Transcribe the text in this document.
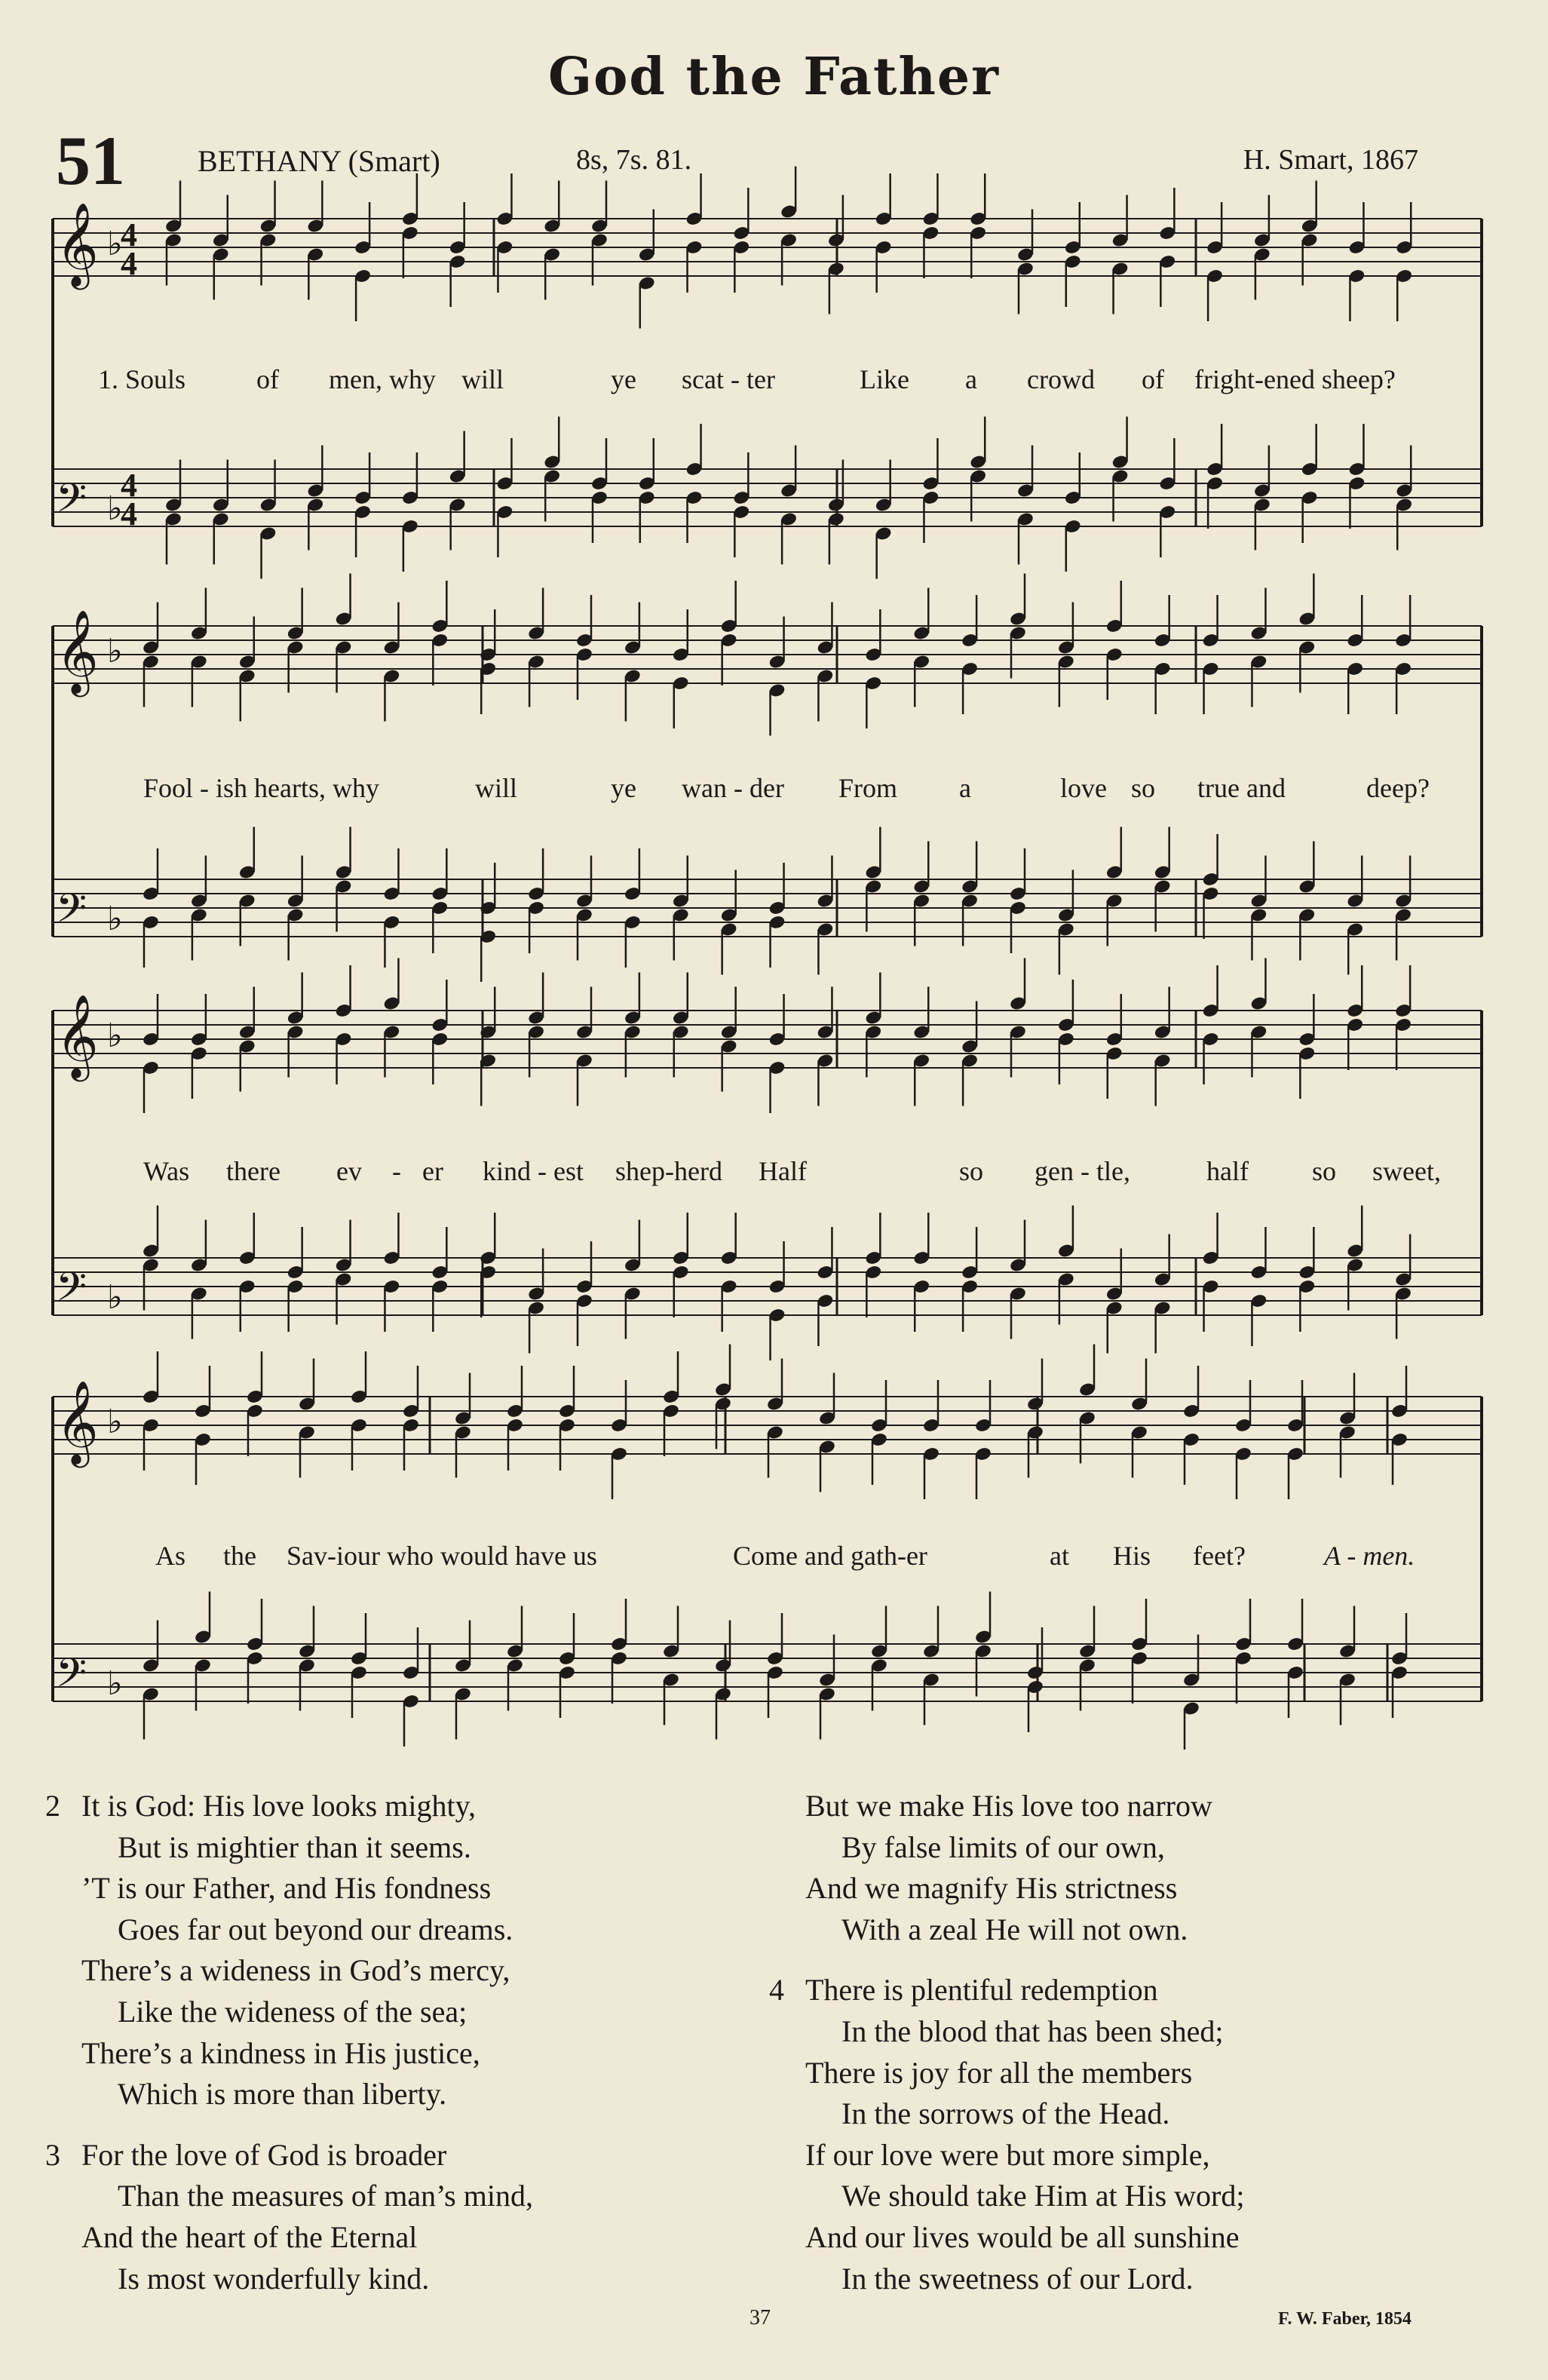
God the Father
51 BETHANY (Smart)	8s, 7s. 81.	H. Smart, 1867
𝄞 ♭
𝄢 ♭
𝄞 ♭
𝄢 ♭
𝄞 ♭
𝄢 ♭
𝄞 ♭
𝄢 ♭
4
4
4
4
1. Souls	of men, why will	ye scat - ter	Like a crowd of fright-ened sheep?
Fool - ish hearts, why	will	ye wan - der From a	love so true and	deep?
Was there ev - er kind - est shep-herd Half	so gen - tle,	half so sweet,
As the Sav-iour who would have us	Come and gath-er	at His feet?	A - men.
2 It is God: His love looks mighty,
But is mightier than it seems.
’T is our Father, and His fondness
Goes far out beyond our dreams.
There’s a wideness in God’s mercy,
Like the wideness of the sea;
There’s a kindness in His justice,
Which is more than liberty.
3 For the love of God is broader
Than the measures of man’s mind,
And the heart of the Eternal
Is most wonderfully kind.
But we make His love too narrow
By false limits of our own,
And we magnify His strictness
With a zeal He will not own.
4 There is plentiful redemption
In the blood that has been shed;
There is joy for all the members
In the sorrows of the Head.
If our love were but more simple,
We should take Him at His word;
And our lives would be all sunshine
In the sweetness of our Lord.
37	F. W. Faber, 1854
